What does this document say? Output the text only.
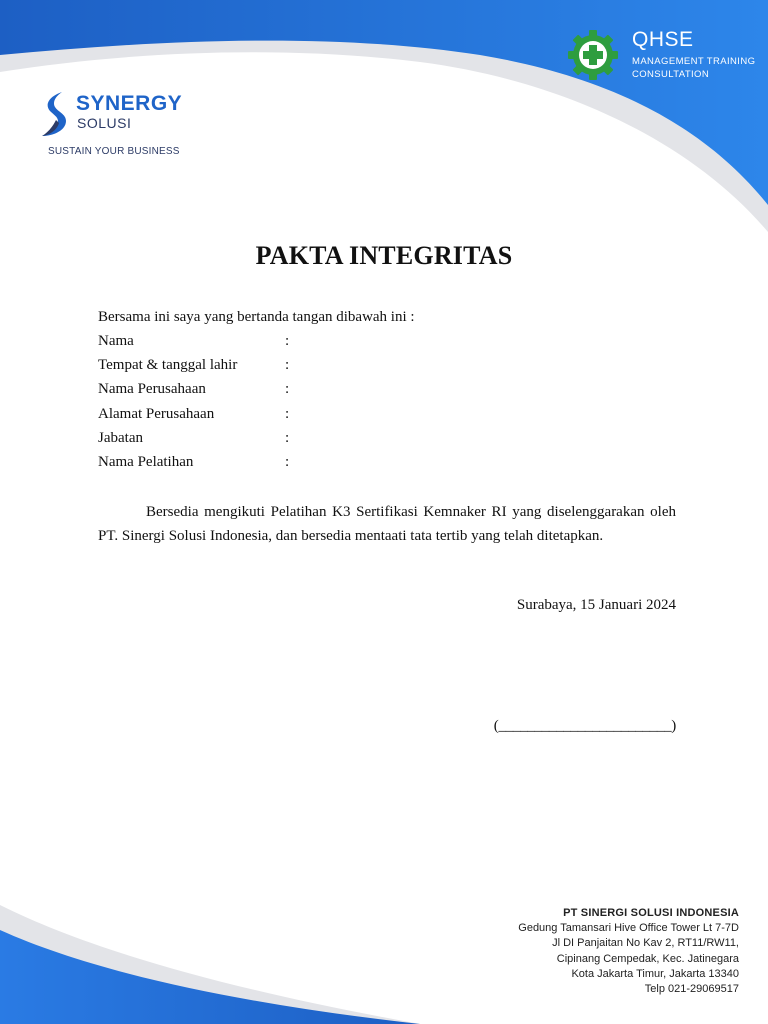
SYNERGY
SOLUSI
SUSTAIN YOUR BUSINESS
QHSE
MANAGEMENT TRAINING
CONSULTATION
PAKTA INTEGRITAS
Bersama ini saya yang bertanda tangan dibawah ini :
Nama	:
Tempat & tanggal lahir	:
Nama Perusahaan	:
Alamat Perusahaan	:
Jabatan	:
Nama Pelatihan	:
Bersedia mengikuti Pelatihan K3 Sertifikasi Kemnaker RI yang diselenggarakan oleh PT. Sinergi Solusi Indonesia, dan bersedia mentaati tata tertib yang telah ditetapkan.
Surabaya, 15 Januari 2024
(________________________)
PT SINERGI SOLUSI INDONESIA
Gedung Tamansari Hive Office Tower Lt 7-7D
Jl DI Panjaitan No Kav 2, RT11/RW11,
Cipinang Cempedak, Kec. Jatinegara
Kota Jakarta Timur, Jakarta 13340
Telp 021-29069517
